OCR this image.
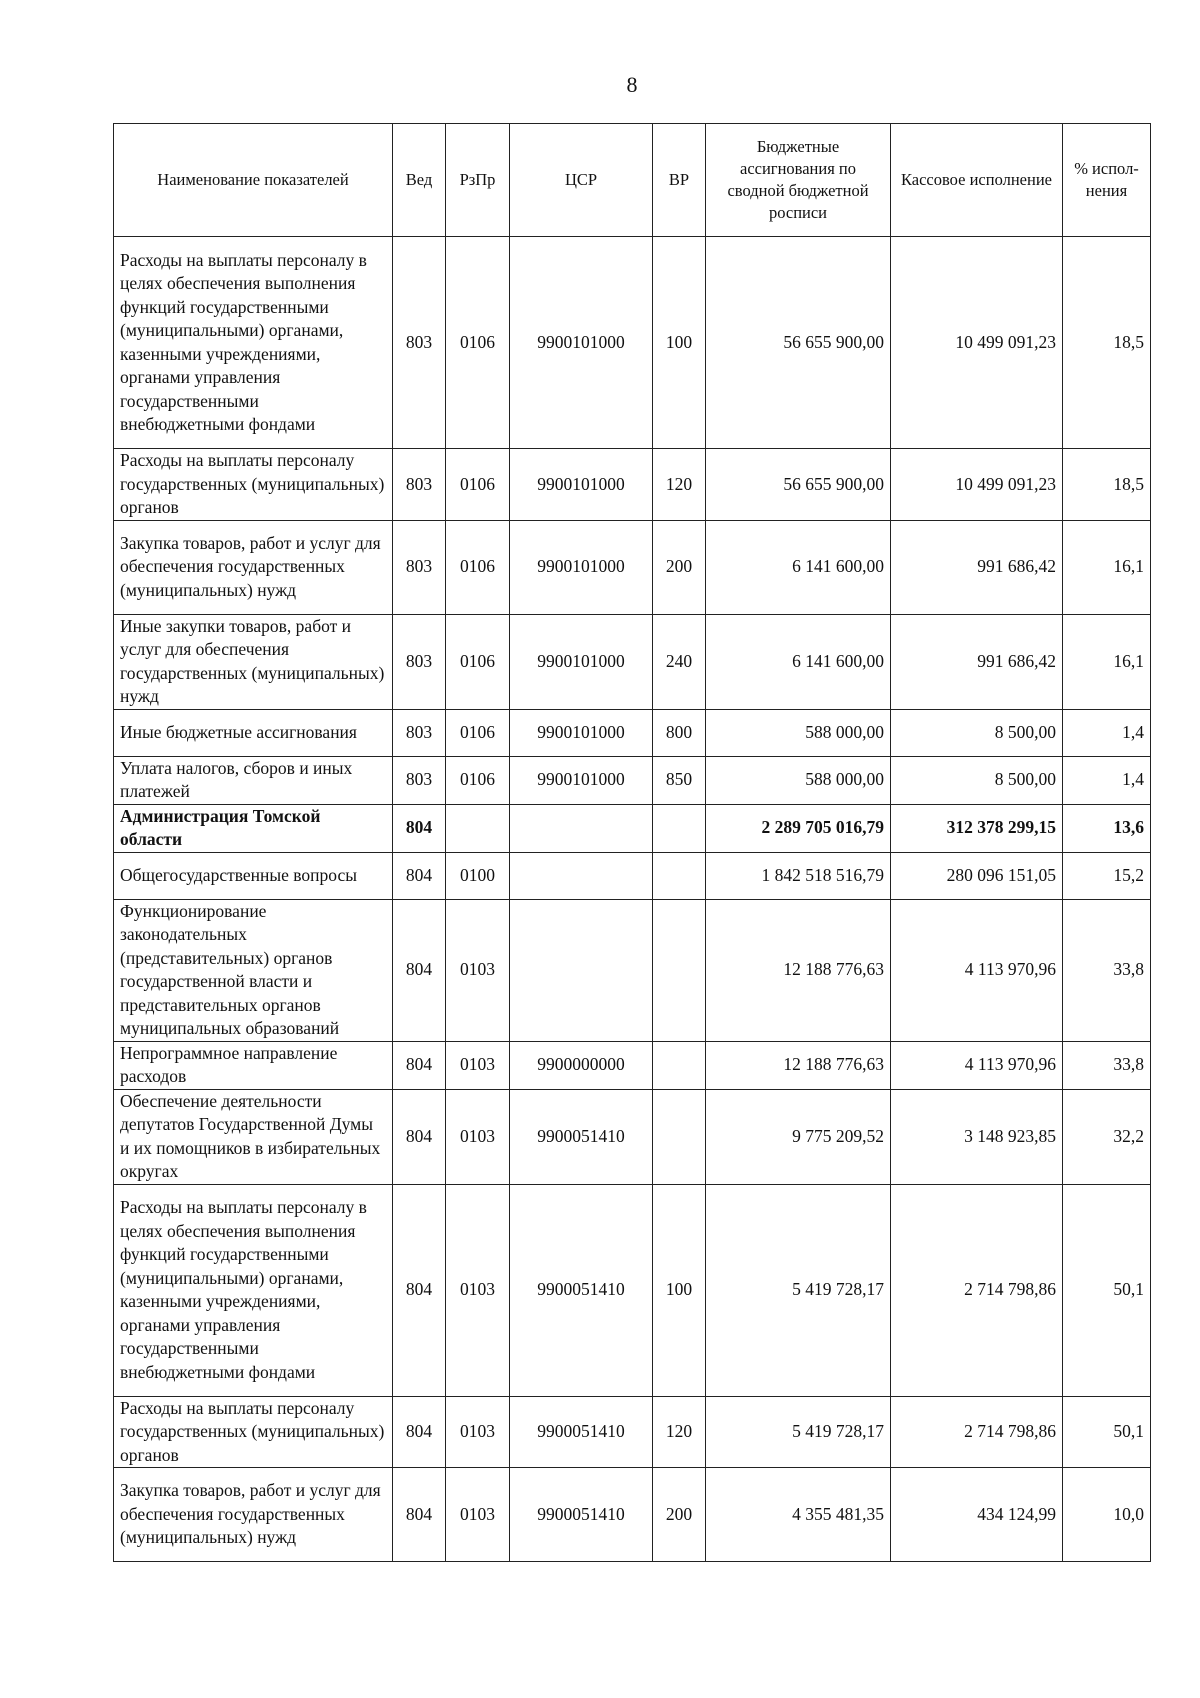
8
Наименование показателей	Вед	РзПр	ЦСР	ВР	Бюджетные ассигнования по сводной бюджетной росписи	Кассовое исполнение	% испол- нения
Расходы на выплаты персоналу в целях обеспечения выполнения функций государственными (муниципальными) органами, казенными учреждениями, органами управления государственными внебюджетными фондами	803	0106	9900101000	100	56 655 900,00	10 499 091,23	18,5
Расходы на выплаты персоналу государственных (муниципальных) органов	803	0106	9900101000	120	56 655 900,00	10 499 091,23	18,5
Закупка товаров, работ и услуг для обеспечения государственных (муниципальных) нужд	803	0106	9900101000	200	6 141 600,00	991 686,42	16,1
Иные закупки товаров, работ и услуг для обеспечения государственных (муниципальных) нужд	803	0106	9900101000	240	6 141 600,00	991 686,42	16,1
Иные бюджетные ассигнования	803	0106	9900101000	800	588 000,00	8 500,00	1,4
Уплата налогов, сборов и иных платежей	803	0106	9900101000	850	588 000,00	8 500,00	1,4
Администрация Томской области	804				2 289 705 016,79	312 378 299,15	13,6
Общегосударственные вопросы	804	0100			1 842 518 516,79	280 096 151,05	15,2
Функционирование законодательных (представительных) органов государственной власти и представительных органов муниципальных образований	804	0103			12 188 776,63	4 113 970,96	33,8
Непрограммное направление расходов	804	0103	9900000000		12 188 776,63	4 113 970,96	33,8
Обеспечение деятельности депутатов Государственной Думы и их помощников в избирательных округах	804	0103	9900051410		9 775 209,52	3 148 923,85	32,2
Расходы на выплаты персоналу в целях обеспечения выполнения функций государственными (муниципальными) органами, казенными учреждениями, органами управления государственными внебюджетными фондами	804	0103	9900051410	100	5 419 728,17	2 714 798,86	50,1
Расходы на выплаты персоналу государственных (муниципальных) органов	804	0103	9900051410	120	5 419 728,17	2 714 798,86	50,1
Закупка товаров, работ и услуг для обеспечения государственных (муниципальных) нужд	804	0103	9900051410	200	4 355 481,35	434 124,99	10,0
